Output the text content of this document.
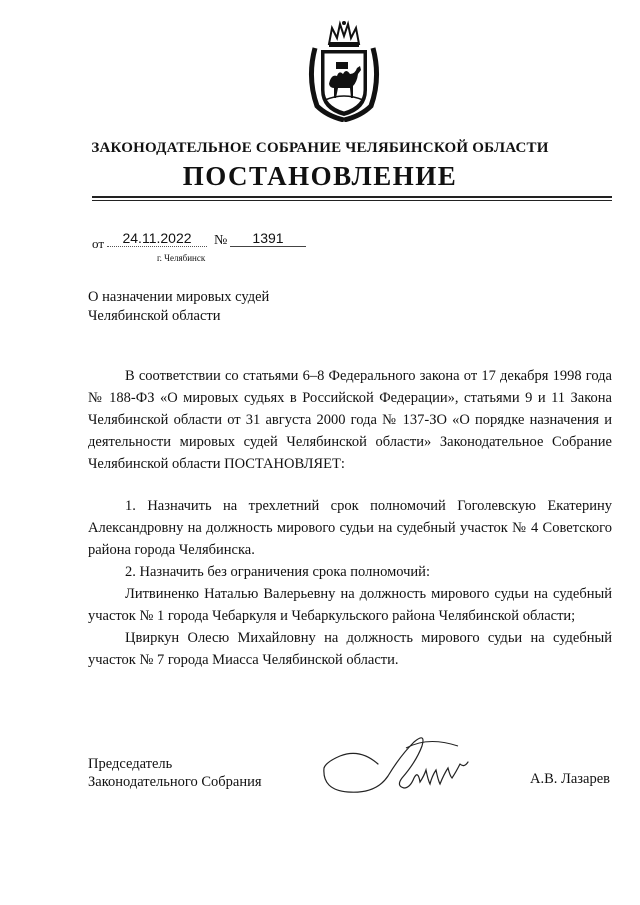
ЗАКОНОДАТЕЛЬНОЕ СОБРАНИЕ ЧЕЛЯБИНСКОЙ ОБЛАСТИ
ПОСТАНОВЛЕНИЕ
от	24.11.2022	№	1391
г. Челябинск
О назначении мировых судей
Челябинской области

В соответствии со статьями 6–8 Федерального закона от 17 декабря 1998 года № 188-ФЗ «О мировых судьях в Российской Федерации», статьями 9 и 11 Закона Челябинской области от 31 августа 2000 года № 137-ЗО «О порядке назначения и деятельности мировых судей Челябинской области» Законодательное Собрание Челябинской области ПОСТАНОВЛЯЕТ:

1. Назначить на трехлетний срок полномочий Гоголевскую Екатерину Александровну на должность мирового судьи на судебный участок № 4 Советского района города Челябинска.

2. Назначить без ограничения срока полномочий:

Литвиненко Наталью Валерьевну на должность мирового судьи на судебный участок № 1 города Чебаркуля и Чебаркульского района Челябинской области;

Цвиркун Олесю Михайловну на должность мирового судьи на судебный участок № 7 города Миасса Челябинской области.

Председатель
Законодательного Собрания	А.В. Лазарев
